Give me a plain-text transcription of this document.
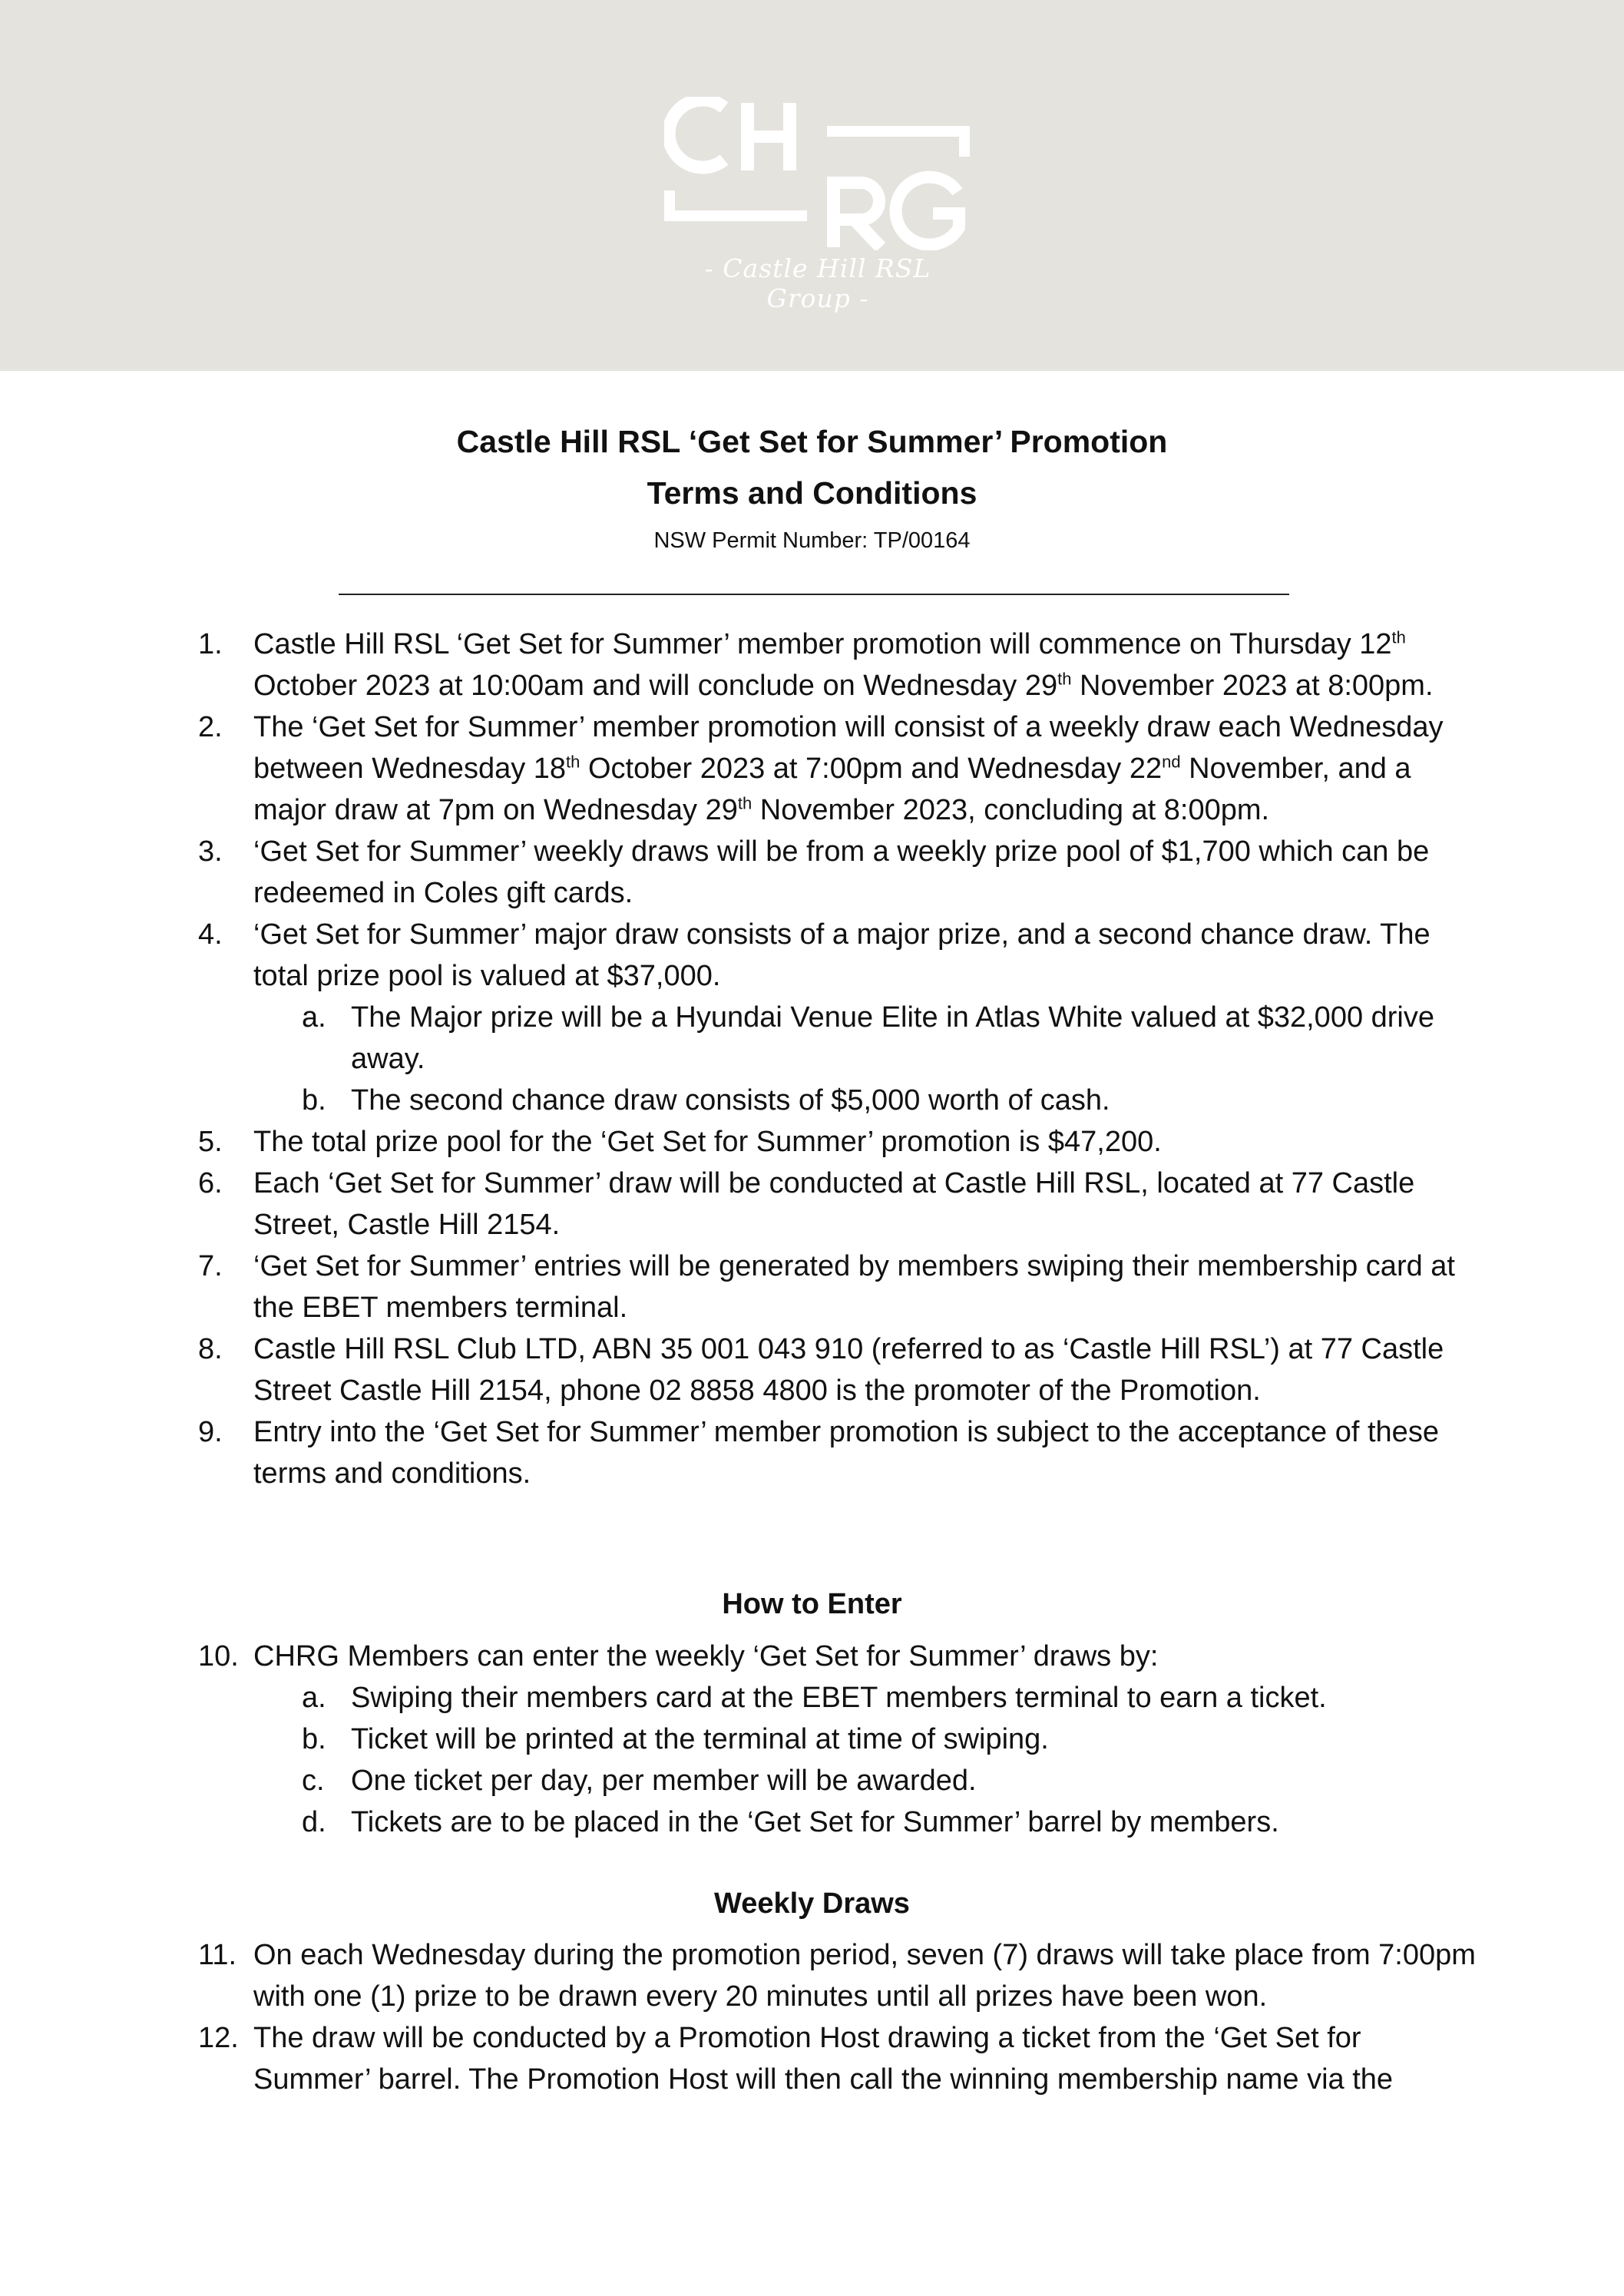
- Castle Hill RSL Group -
Castle Hill RSL ‘Get Set for Summer’ Promotion
Terms and Conditions
NSW Permit Number: TP/00164
1.	Castle Hill RSL ‘Get Set for Summer’ member promotion will commence on Thursday 12th October 2023 at 10:00am and will conclude on Wednesday 29th November 2023 at 8:00pm.
2.	The ‘Get Set for Summer’ member promotion will consist of a weekly draw each Wednesday between Wednesday 18th October 2023 at 7:00pm and Wednesday 22nd November, and a major draw at 7pm on Wednesday 29th November 2023, concluding at 8:00pm.
3.	‘Get Set for Summer’ weekly draws will be from a weekly prize pool of $1,700 which can be redeemed in Coles gift cards.
4.	‘Get Set for Summer’ major draw consists of a major prize, and a second chance draw. The total prize pool is valued at $37,000.
a. The Major prize will be a Hyundai Venue Elite in Atlas White valued at $32,000 drive away.
b. The second chance draw consists of $5,000 worth of cash.
5.	The total prize pool for the ‘Get Set for Summer’ promotion is $47,200.
6.	Each ‘Get Set for Summer’ draw will be conducted at Castle Hill RSL, located at 77 Castle Street, Castle Hill 2154.
7.	‘Get Set for Summer’ entries will be generated by members swiping their membership card at the EBET members terminal.
8.	Castle Hill RSL Club LTD, ABN 35 001 043 910 (referred to as ‘Castle Hill RSL’) at 77 Castle Street Castle Hill 2154, phone 02 8858 4800 is the promoter of the Promotion.
9.	Entry into the ‘Get Set for Summer’ member promotion is subject to the acceptance of these terms and conditions.
How to Enter
10. CHRG Members can enter the weekly ‘Get Set for Summer’ draws by:
a. Swiping their members card at the EBET members terminal to earn a ticket.
b. Ticket will be printed at the terminal at time of swiping.
c. One ticket per day, per member will be awarded.
d. Tickets are to be placed in the ‘Get Set for Summer’ barrel by members.
Weekly Draws
11. On each Wednesday during the promotion period, seven (7) draws will take place from 7:00pm with one (1) prize to be drawn every 20 minutes until all prizes have been won.
12. The draw will be conducted by a Promotion Host drawing a ticket from the ‘Get Set for Summer’ barrel. The Promotion Host will then call the winning membership name via the
